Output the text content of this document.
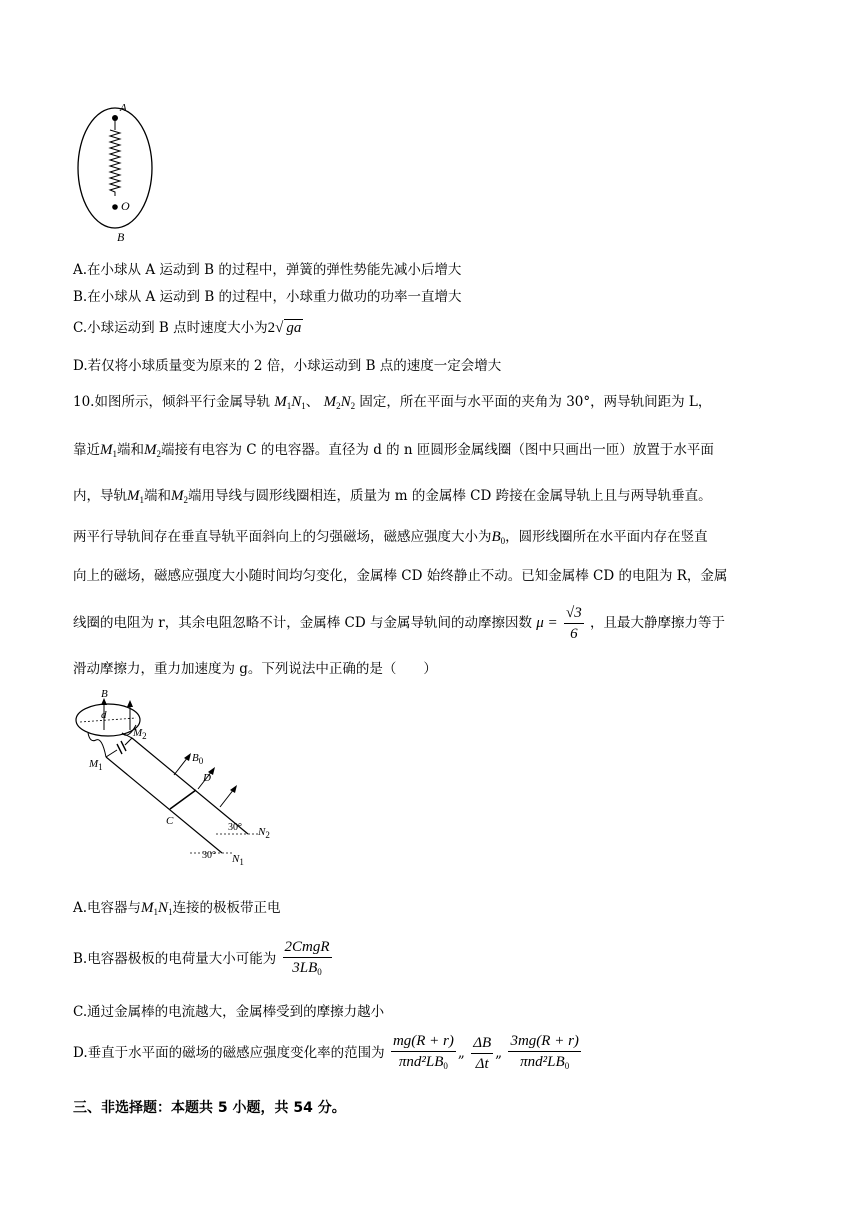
A
O
B
A.在小球从 A 运动到 B 的过程中，弹簧的弹性势能先减小后增大
B.在小球从 A 运动到 B 的过程中，小球重力做功的功率一直增大
C.小球运动到 B 点时速度大小为2√ ga
D.若仅将小球质量变为原来的 2 倍，小球运动到 B 点的速度一定会增大
10.如图所示，倾斜平行金属导轨 $M_1N_1$、 $M_2N_2$ 固定，所在平面与水平面的夹角为 30°，两导轨间距为 L，
靠近$M_1$端和$M_2$端接有电容为 C 的电容器。直径为 d 的 n 匝圆形金属线圈（图中只画出一匝）放置于水平面
内，导轨$M_1$端和$M_2$端用导线与圆形线圈相连，质量为 m 的金属棒 CD 跨接在金属导轨上且与两导轨垂直。
两平行导轨间存在垂直导轨平面斜向上的匀强磁场，磁感应强度大小为$B_0$，圆形线圈所在水平面内存在竖直
向上的磁场，磁感应强度大小随时间均匀变化，金属棒 CD 始终静止不动。已知金属棒 CD 的电阻为 R，金属
线圈的电阻为 r，其余电阻忽略不计，金属棒 CD 与金属导轨间的动摩擦因数 $\mu = \frac{√3}{6}$ ，且最大静摩擦力等于
滑动摩擦力，重力加速度为 g。下列说法中正确的是（　　）
B
d
$M_2$
$M_1$
$B_0$
D
C
30° $N_2$
30° $N_1$
A.电容器与$M_1N_1$连接的极板带正电
B.电容器极板的电荷量大小可能为 $\frac{\text{2CmgR}}{3LB_0}$
C.通过金属棒的电流越大，金属棒受到的摩擦力越小
D.垂直于水平面的磁场的磁感应强度变化率的范围为 $\frac{mg(R + r)}{\pi nd^2LB_0}$ „ $\frac{\Delta B}{\Delta t}$ „ $\frac{3mg(R + r)}{\pi nd^2LB_0}$
三、非选择题：本题共 5 小题，共 54 分。
